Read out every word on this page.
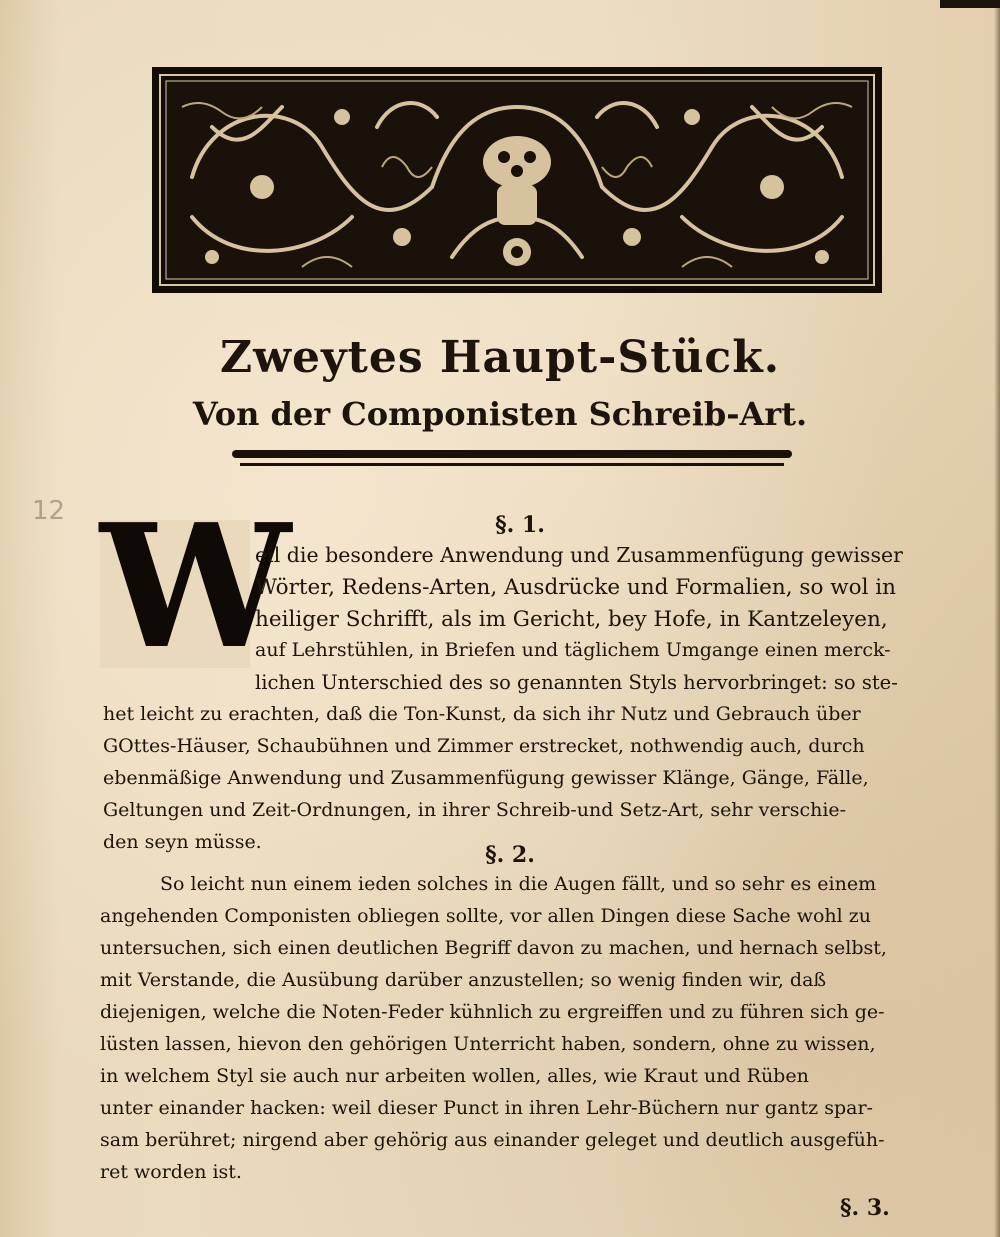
Zweytes Haupt-Stück.
Von der Componisten Schreib-Art.
12	§. 1.
W
eil die besondere Anwendung und Zusammenfügung gewisser
Wörter, Redens-Arten, Ausdrücke und Formalien, so wol in
heiliger Schrifft, als im Gericht, bey Hofe, in Kantzeleyen,
auf Lehrstühlen, in Briefen und täglichem Umgange einen merck-
lichen Unterschied des so genannten Styls hervorbringet: so ste-
het leicht zu erachten, daß die Ton-Kunst, da sich ihr Nutz und Gebrauch über
GOttes-Häuser, Schaubühnen und Zimmer erstrecket, nothwendig auch, durch
ebenmäßige Anwendung und Zusammenfügung gewisser Klänge, Gänge, Fälle,
Geltungen und Zeit-Ordnungen, in ihrer Schreib-und Setz-Art, sehr verschie-
den seyn müsse.	§. 2.
So leicht nun einem ieden solches in die Augen fällt, und so sehr es einem
angehenden Componisten obliegen sollte, vor allen Dingen diese Sache wohl zu
untersuchen, sich einen deutlichen Begriff davon zu machen, und hernach selbst,
mit Verstande, die Ausübung darüber anzustellen; so wenig finden wir, daß
diejenigen, welche die Noten-Feder kühnlich zu ergreiffen und zu führen sich ge-
lüsten lassen, hievon den gehörigen Unterricht haben, sondern, ohne zu wissen,
in welchem Styl sie auch nur arbeiten wollen, alles, wie Kraut und Rüben
unter einander hacken: weil dieser Punct in ihren Lehr-Büchern nur gantz spar-
sam berühret; nirgend aber gehörig aus einander geleget und deutlich ausgefüh-
ret worden ist.
§. 3.
